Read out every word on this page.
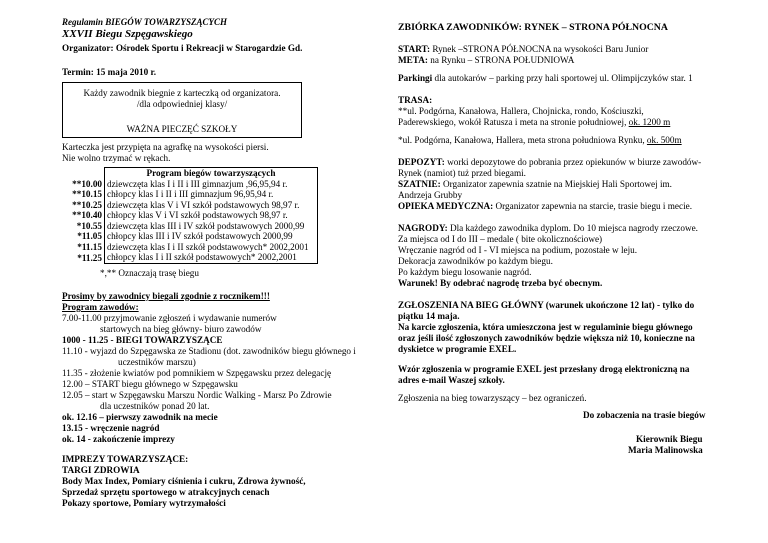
Regulamin BIEGÓW TOWARZYSZĄCYCH
XXVII Biegu Szpęgawskiego
Organizator: Ośrodek Sportu i Rekreacji w Starogardzie Gd.
Termin: 15 maja 2010 r.
Każdy zawodnik biegnie z karteczką od organizatora.
/dla odpowiedniej klasy/
WAŻNA PIECZĘĆ SZKOŁY
Karteczka jest przypięta na agrafkę na wysokości piersi.
Nie wolno trzymać w rękach.
	Program biegów towarzyszących
**10.00	dziewczęta klas I i II i III gimnazjum ,96,95,94 r.
**10.15	chłopcy klas I i II i III gimnazjum 96,95,94 r.
**10.25	dziewczęta klas V i VI szkół podstawowych 98,97 r.
**10.40	chłopcy klas V i VI szkół podstawowych 98,97 r.
*10.55	dziewczęta klas III i IV szkół podstawowych 2000,99
*11.05	chłopcy klas III i IV szkół podstawowych 2000,99
*11.15	dziewczęta klas I i II szkół podstawowych* 2002,2001
*11.25	chłopcy klas I i II szkół podstawowych* 2002,2001
*,** Oznaczają trasę biegu
Prosimy by zawodnicy biegali zgodnie z rocznikem!!!
Program zawodów:
7.00-11.00 przyjmowanie zgłoszeń i wydawanie numerów
startowych na bieg główny- biuro zawodów
1000 - 11.25 - BIEGI TOWARZYSZĄCE
11.10 - wyjazd do Szpęgawska ze Stadionu (dot. zawodników biegu głównego i
uczestników marszu)
11.35 - złożenie kwiatów pod pomnikiem w Szpęgawsku przez delegację
12.00 – START biegu głównego w Szpęgawsku
12.05 – start w Szpęgawsku Marszu Nordic Walking - Marsz Po Zdrowie
dla uczestników ponad 20 lat.
ok. 12.16 – pierwszy zawodnik na mecie
13.15 - wręczenie nagród
ok. 14 - zakończenie imprezy
IMPREZY TOWARZYSZĄCE:
TARGI ZDROWIA
Body Max Index, Pomiary ciśnienia i cukru, Zdrowa żywność,
Sprzedaż sprzętu sportowego w atrakcyjnych cenach
Pokazy sportowe, Pomiary wytrzymałości
ZBIÓRKA ZAWODNIKÓW: RYNEK – STRONA PÓŁNOCNA
START: Rynek –STRONA PÓŁNOCNA na wysokości Baru Junior
META: na Rynku – STRONA POŁUDNIOWA
Parkingi dla autokarów – parking przy hali sportowej ul. Olimpijczyków star. 1
TRASA:
**ul. Podgórna, Kanałowa, Hallera, Chojnicka, rondo, Kościuszki,
Paderewskiego, wokół Ratusza i meta na stronie południowej, ok. 1200 m
*ul. Podgórna, Kanałowa, Hallera, meta strona południowa Rynku, ok. 500m
DEPOZYT: worki depozytowe do pobrania przez opiekunów w biurze zawodów-
Rynek (namiot) tuż przed biegami.
SZATNIE: Organizator zapewnia szatnie na Miejskiej Hali Sportowej im.
Andrzeja Grubby
OPIEKA MEDYCZNA: Organizator zapewnia na starcie, trasie biegu i mecie.
NAGRODY: Dla każdego zawodnika dyplom. Do 10 miejsca nagrody rzeczowe.
Za miejsca od I do III – medale ( bite okolicznościowe)
Wręczanie nagród od I - VI miejsca na podium, pozostałe w leju.
Dekoracja zawodników po każdym biegu.
Po każdym biegu losowanie nagród.
Warunek! By odebrać nagrodę trzeba być obecnym.
ZGŁOSZENIA NA BIEG GŁÓWNY (warunek ukończone 12 lat) - tylko do
piątku 14 maja.
Na karcie zgłoszenia, która umieszczona jest w regulaminie biegu głównego
oraz jeśli ilość zgłoszonych zawodników będzie większa niż 10, konieczne na
dyskietce w programie EXEL.
Wzór zgłoszenia w programie EXEL jest przesłany drogą elektroniczną na
adres e-mail Waszej szkoły.
Zgłoszenia na bieg towarzyszący – bez ograniczeń.
Do zobaczenia na trasie biegów
Kierownik Biegu
Maria Malinowska
